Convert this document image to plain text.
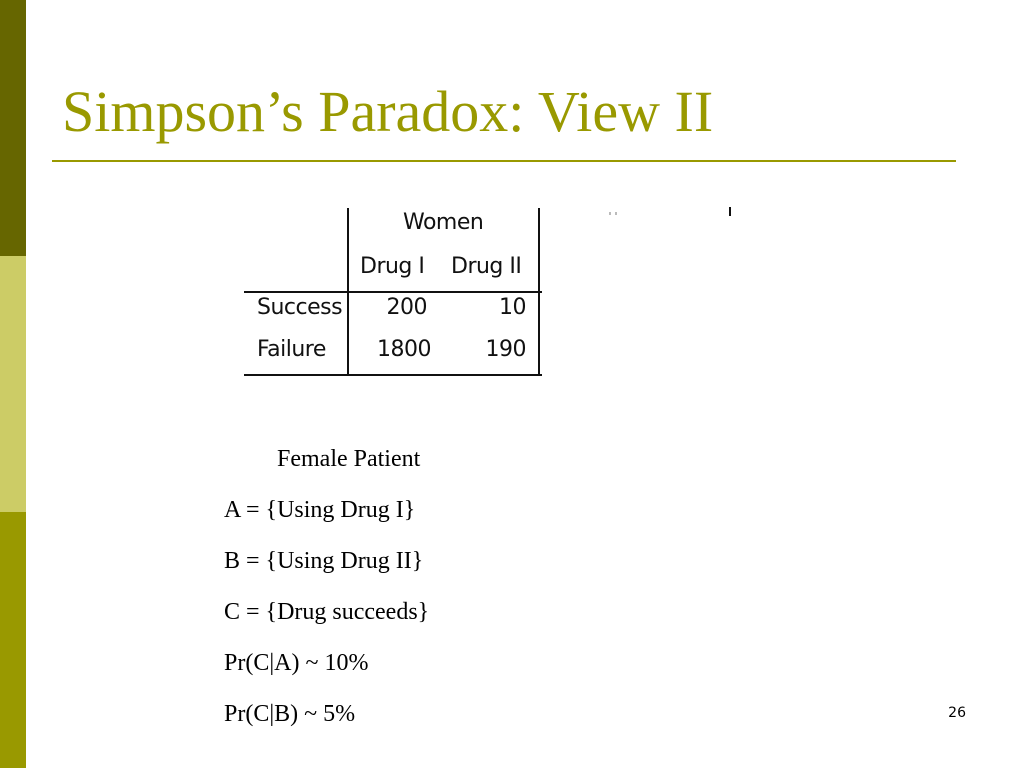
Simpson’s Paradox: View II
Women
Drug I Drug II
Success	200	10
Failure 1800	190
Female Patient
A = {Using Drug I}
B = {Using Drug II}
C = {Drug succeeds}
Pr(C|A) ~ 10%
Pr(C|B) ~ 5%	26
